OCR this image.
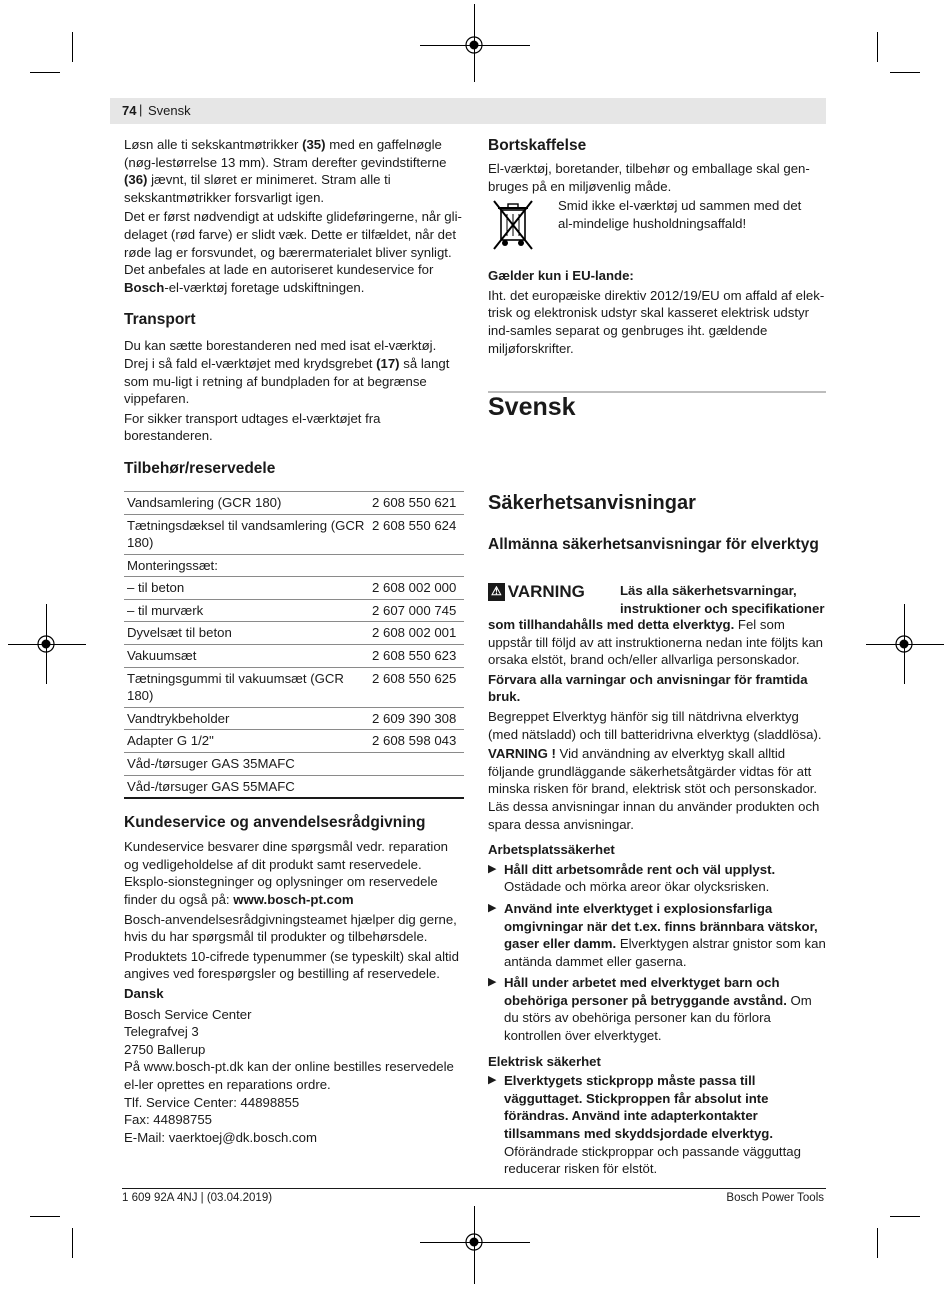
74 | Svensk

Løsn alle ti sekskantmøtrikker (35) med en gaffelnøgle (nøg-lestørrelse 13 mm). Stram derefter gevindstifterne (36) jævnt, til sløret er minimeret. Stram alle ti sekskantmøtrikker forsvarligt igen.

Det er først nødvendigt at udskifte glideføringerne, når gli-delaget (rød farve) er slidt væk. Dette er tilfældet, når det røde lag er forsvundet, og bærermaterialet bliver synligt. Det anbefales at lade en autoriseret kundeservice for Bosch-el-værktøj foretage udskiftningen.

Transport

Du kan sætte borestanderen ned med isat el-værktøj. Drej i så fald el-værktøjet med krydsgrebet (17) så langt som mu-ligt i retning af bundpladen for at begrænse vippefaren.

For sikker transport udtages el-værktøjet fra borestanderen.

Tilbehør/reservedele
Vandsamlering (GCR 180)	2 608 550 621
Tætningsdæksel til vandsamlering (GCR 180)	2 608 550 624
Monteringssæt:	
– til beton	2 608 002 000
– til murværk	2 607 000 745
Dyvelsæt til beton	2 608 002 001
Vakuumsæt	2 608 550 623
Tætningsgummi til vakuumsæt (GCR 180)	2 608 550 625
Vandtrykbeholder	2 609 390 308
Adapter G 1/2"	2 608 598 043
Våd-/tørsuger GAS 35MAFC	
Våd-/tørsuger GAS 55MAFC	
Kundeservice og anvendelsesrådgivning

Kundeservice besvarer dine spørgsmål vedr. reparation og vedligeholdelse af dit produkt samt reservedele. Eksplo-sionstegninger og oplysninger om reservedele finder du også på: www.bosch-pt.com

Bosch-anvendelsesrådgivningsteamet hjælper dig gerne, hvis du har spørgsmål til produkter og tilbehørsdele.

Produktets 10-cifrede typenummer (se typeskilt) skal altid angives ved forespørgsler og bestilling af reservedele.

Dansk

Bosch Service Center
Telegrafvej 3
2750 Ballerup
På www.bosch-pt.dk kan der online bestilles reservedele el-ler oprettes en reparations ordre.
Tlf. Service Center: 44898855
Fax: 44898755
E-Mail: vaerktoej@dk.bosch.com
Bortskaffelse

El-værktøj, boretander, tilbehør og emballage skal gen-bruges på en miljøvenlig måde.

Smid ikke el-værktøj ud sammen med det al-mindelige husholdningsaffald!

Gælder kun i EU-lande:

Iht. det europæiske direktiv 2012/19/EU om affald af elek-trisk og elektronisk udstyr skal kasseret elektrisk udstyr ind-samles separat og genbruges iht. gældende miljøforskrifter.

Svensk
Säkerhetsanvisningar
Allmänna säkerhetsanvisningar för elverktyg
⚠ VARNING	Läs alla säkerhetsvarningar, instruktioner och specifikationer

som tillhandahålls med detta elverktyg. Fel som uppstår till följd av att instruktionerna nedan inte följts kan orsaka elstöt, brand och/eller allvarliga personskador.

Förvara alla varningar och anvisningar för framtida bruk.

Begreppet Elverktyg hänför sig till nätdrivna elverktyg (med nätsladd) och till batteridrivna elverktyg (sladdlösa).

VARNING ! Vid användning av elverktyg skall alltid följande grundläggande säkerhetsåtgärder vidtas för att minska risken för brand, elektrisk stöt och personskador. Läs dessa anvisningar innan du använder produkten och spara dessa anvisningar.

Arbetsplatssäkerhet

▶ Håll ditt arbetsområde rent och väl upplyst. Ostädade och mörka areor ökar olycksrisken.
▶ Använd inte elverktyget i explosionsfarliga omgivningar när det t.ex. finns brännbara vätskor, gaser eller damm. Elverktygen alstrar gnistor som kan antända dammet eller gaserna.
▶ Håll under arbetet med elverktyget barn och obehöriga personer på betryggande avstånd. Om du störs av obehöriga personer kan du förlora kontrollen över elverktyget.

Elektrisk säkerhet

▶ Elverktygets stickpropp måste passa till vägguttaget. Stickproppen får absolut inte förändras. Använd inte adapterkontakter tillsammans med skyddsjordade elverktyg. Oförändrade stickproppar och passande vägguttag reducerar risken för elstöt.
1 609 92A 4NJ | (03.04.2019)	Bosch Power Tools
